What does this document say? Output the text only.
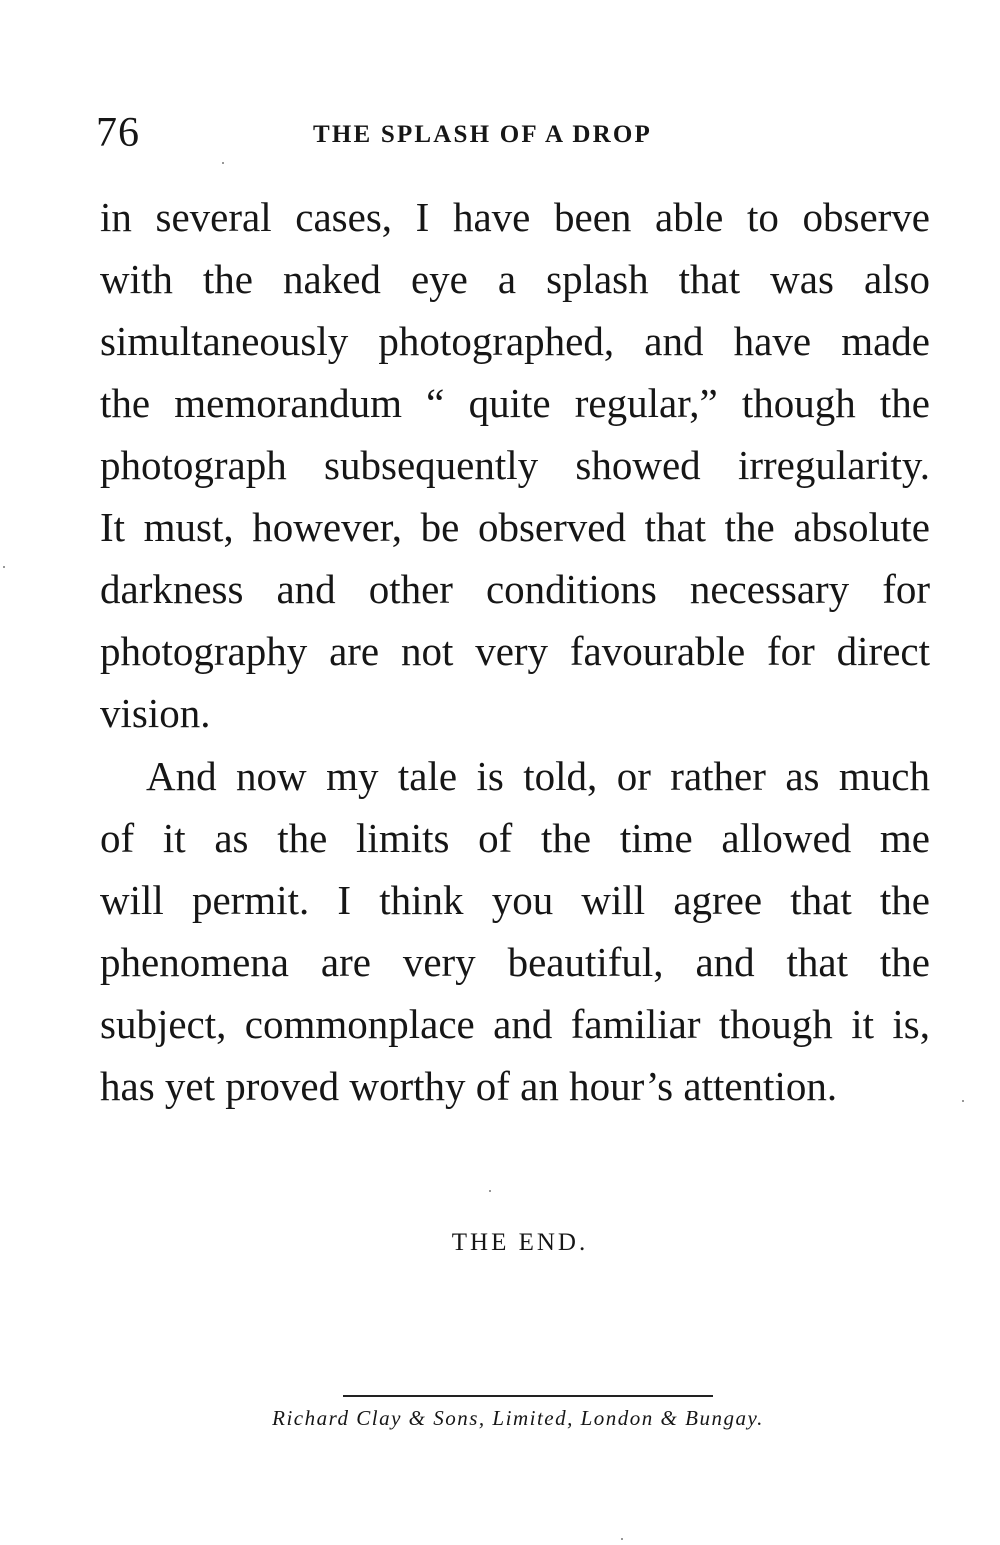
76	THE SPLASH OF A DROP
in several cases, I have been able to observe
with the naked eye a splash that was also
simultaneously photographed, and have made
the memorandum “ quite regular,” though the
photograph subsequently showed irregularity.
It must, however, be observed that the absolute
darkness and other conditions necessary for
photography are not very favourable for direct
vision.
And now my tale is told, or rather as much
of it as the limits of the time allowed me
will permit. I think you will agree that the
phenomena are very beautiful, and that the
subject, commonplace and familiar though it is,
has yet proved worthy of an hour’s attention.
THE END.
Richard Clay & Sons, Limited, London & Bungay.
